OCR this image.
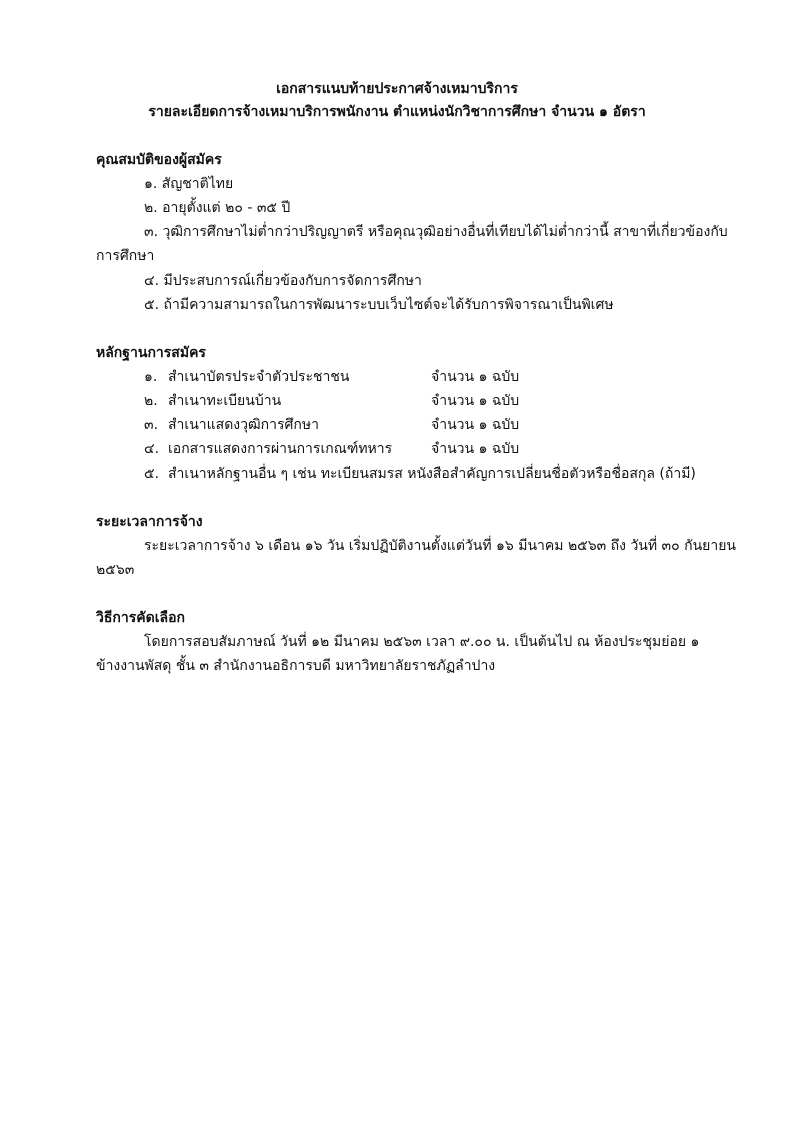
เอกสารแนบท้ายประกาศจ้างเหมาบริการ
รายละเอียดการจ้างเหมาบริการพนักงาน ตำแหน่งนักวิชาการศึกษา จำนวน ๑ อัตรา
คุณสมบัติของผู้สมัคร
๑. สัญชาติไทย
๒. อายุตั้งแต่ ๒๐ - ๓๕ ปี
๓. วุฒิการศึกษาไม่ต่ำกว่าปริญญาตรี หรือคุณวุฒิอย่างอื่นที่เทียบได้ไม่ต่ำกว่านี้ สาขาที่เกี่ยวข้องกับ
การศึกษา
๔. มีประสบการณ์เกี่ยวข้องกับการจัดการศึกษา
๕. ถ้ามีความสามารถในการพัฒนาระบบเว็บไซต์จะได้รับการพิจารณาเป็นพิเศษ
หลักฐานการสมัคร
๑. สำเนาบัตรประจำตัวประชาชน	จำนวน ๑ ฉบับ
๒. สำเนาทะเบียนบ้าน	จำนวน ๑ ฉบับ
๓. สำเนาแสดงวุฒิการศึกษา	จำนวน ๑ ฉบับ
๔. เอกสารแสดงการผ่านการเกณฑ์ทหาร	จำนวน ๑ ฉบับ
๕. สำเนาหลักฐานอื่น ๆ เช่น ทะเบียนสมรส หนังสือสำคัญการเปลี่ยนชื่อตัวหรือชื่อสกุล (ถ้ามี)
ระยะเวลาการจ้าง
ระยะเวลาการจ้าง ๖ เดือน ๑๖ วัน เริ่มปฏิบัติงานตั้งแต่วันที่ ๑๖ มีนาคม ๒๕๖๓ ถึง วันที่ ๓๐ กันยายน
๒๕๖๓
วิธีการคัดเลือก
โดยการสอบสัมภาษณ์ วันที่ ๑๒ มีนาคม ๒๕๖๓ เวลา ๙.๐๐ น. เป็นต้นไป ณ ห้องประชุมย่อย ๑
ข้างงานพัสดุ ชั้น ๓ สำนักงานอธิการบดี มหาวิทยาลัยราชภัฏลำปาง
